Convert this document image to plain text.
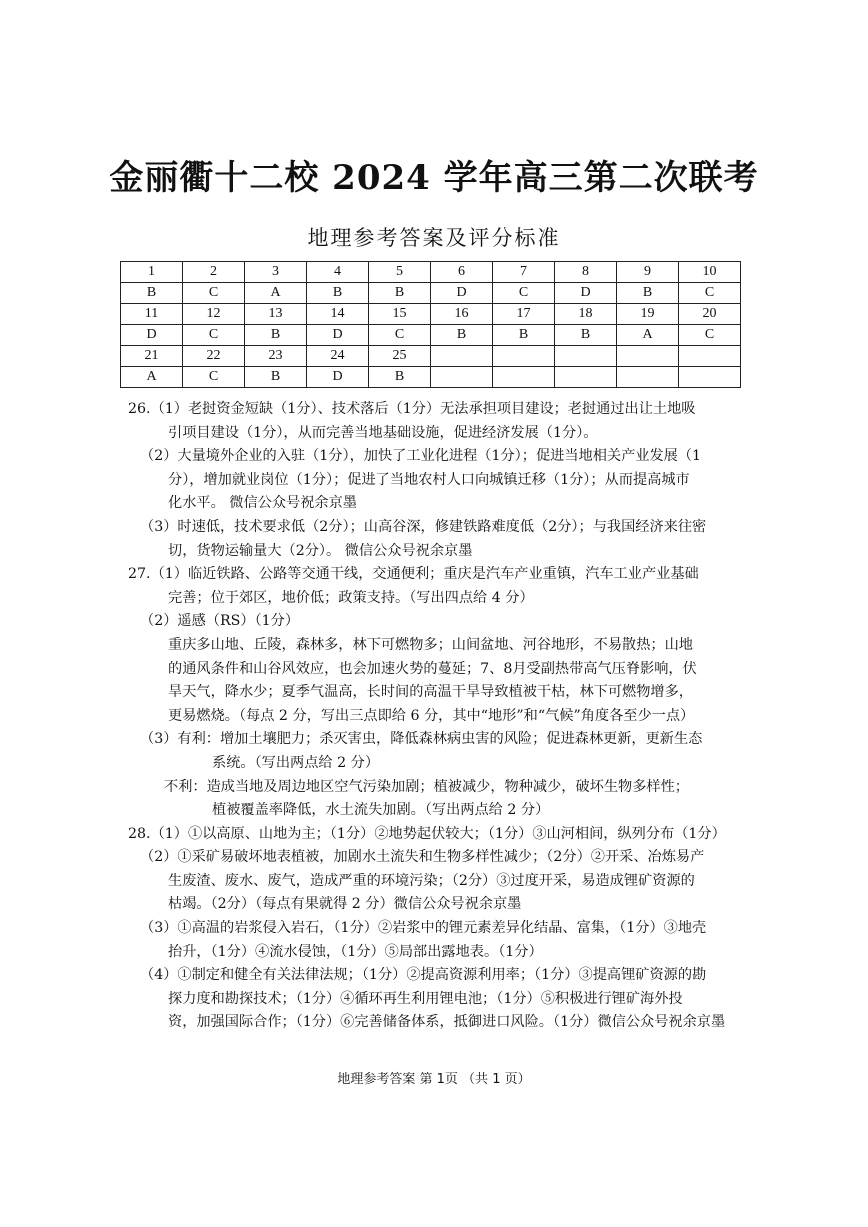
金丽衢十二校 2024 学年高三第二次联考
地理参考答案及评分标准
1	2	3	4	5	6	7	8	9	10
B	C	A	B	B	D	C	D	B	C
11	12	13	14	15	16	17	18	19	20
D	C	B	D	C	B	B	B	A	C
21	22	23	24	25					
A	C	B	D	B					
26.（1）老挝资金短缺（1分）、技术落后（1分）无法承担项目建设；老挝通过出让土地吸
引项目建设（1分），从而完善当地基础设施，促进经济发展（1分）。
（2）大量境外企业的入驻（1分），加快了工业化进程（1分）；促进当地相关产业发展（1
分），增加就业岗位（1分）；促进了当地农村人口向城镇迁移（1分）；从而提高城市
化水平。 微信公众号祝余京墨
（3）时速低，技术要求低（2分）；山高谷深，修建铁路难度低（2分）；与我国经济来往密
切，货物运输量大（2分）。 微信公众号祝余京墨
27.（1）临近铁路、公路等交通干线，交通便利；重庆是汽车产业重镇，汽车工业产业基础
完善；位于郊区，地价低；政策支持。（写出四点给 4 分）
（2）遥感（RS）（1分）
重庆多山地、丘陵，森林多，林下可燃物多；山间盆地、河谷地形，不易散热；山地
的通风条件和山谷风效应，也会加速火势的蔓延；7、8月受副热带高气压脊影响，伏
旱天气，降水少；夏季气温高，长时间的高温干旱导致植被干枯，林下可燃物增多，
更易燃烧。（每点 2 分，写出三点即给 6 分，其中“地形”和“气候”角度各至少一点）
（3）有利：增加土壤肥力；杀灭害虫，降低森林病虫害的风险；促进森林更新，更新生态
系统。（写出两点给 2 分）
不利：造成当地及周边地区空气污染加剧；植被减少，物种减少，破坏生物多样性；
植被覆盖率降低，水土流失加剧。（写出两点给 2 分）
28.（1）①以高原、山地为主；（1分）②地势起伏较大；（1分）③山河相间，纵列分布（1分）
（2）①采矿易破坏地表植被，加剧水土流失和生物多样性减少；（2分）②开采、冶炼易产
生废渣、废水、废气，造成严重的环境污染；（2分）③过度开采，易造成锂矿资源的
枯竭。（2分）（每点有果就得 2 分）微信公众号祝余京墨
（3）①高温的岩浆侵入岩石，（1分）②岩浆中的锂元素差异化结晶、富集，（1分）③地壳
抬升，（1分）④流水侵蚀，（1分）⑤局部出露地表。（1分）
（4）①制定和健全有关法律法规；（1分）②提高资源利用率；（1分）③提高锂矿资源的勘
探力度和勘探技术；（1分）④循环再生利用锂电池；（1分）⑤积极进行锂矿海外投
资，加强国际合作；（1分）⑥完善储备体系，抵御进口风险。（1分）微信公众号祝余京墨
地理参考答案 第 1页 （共 1 页）
